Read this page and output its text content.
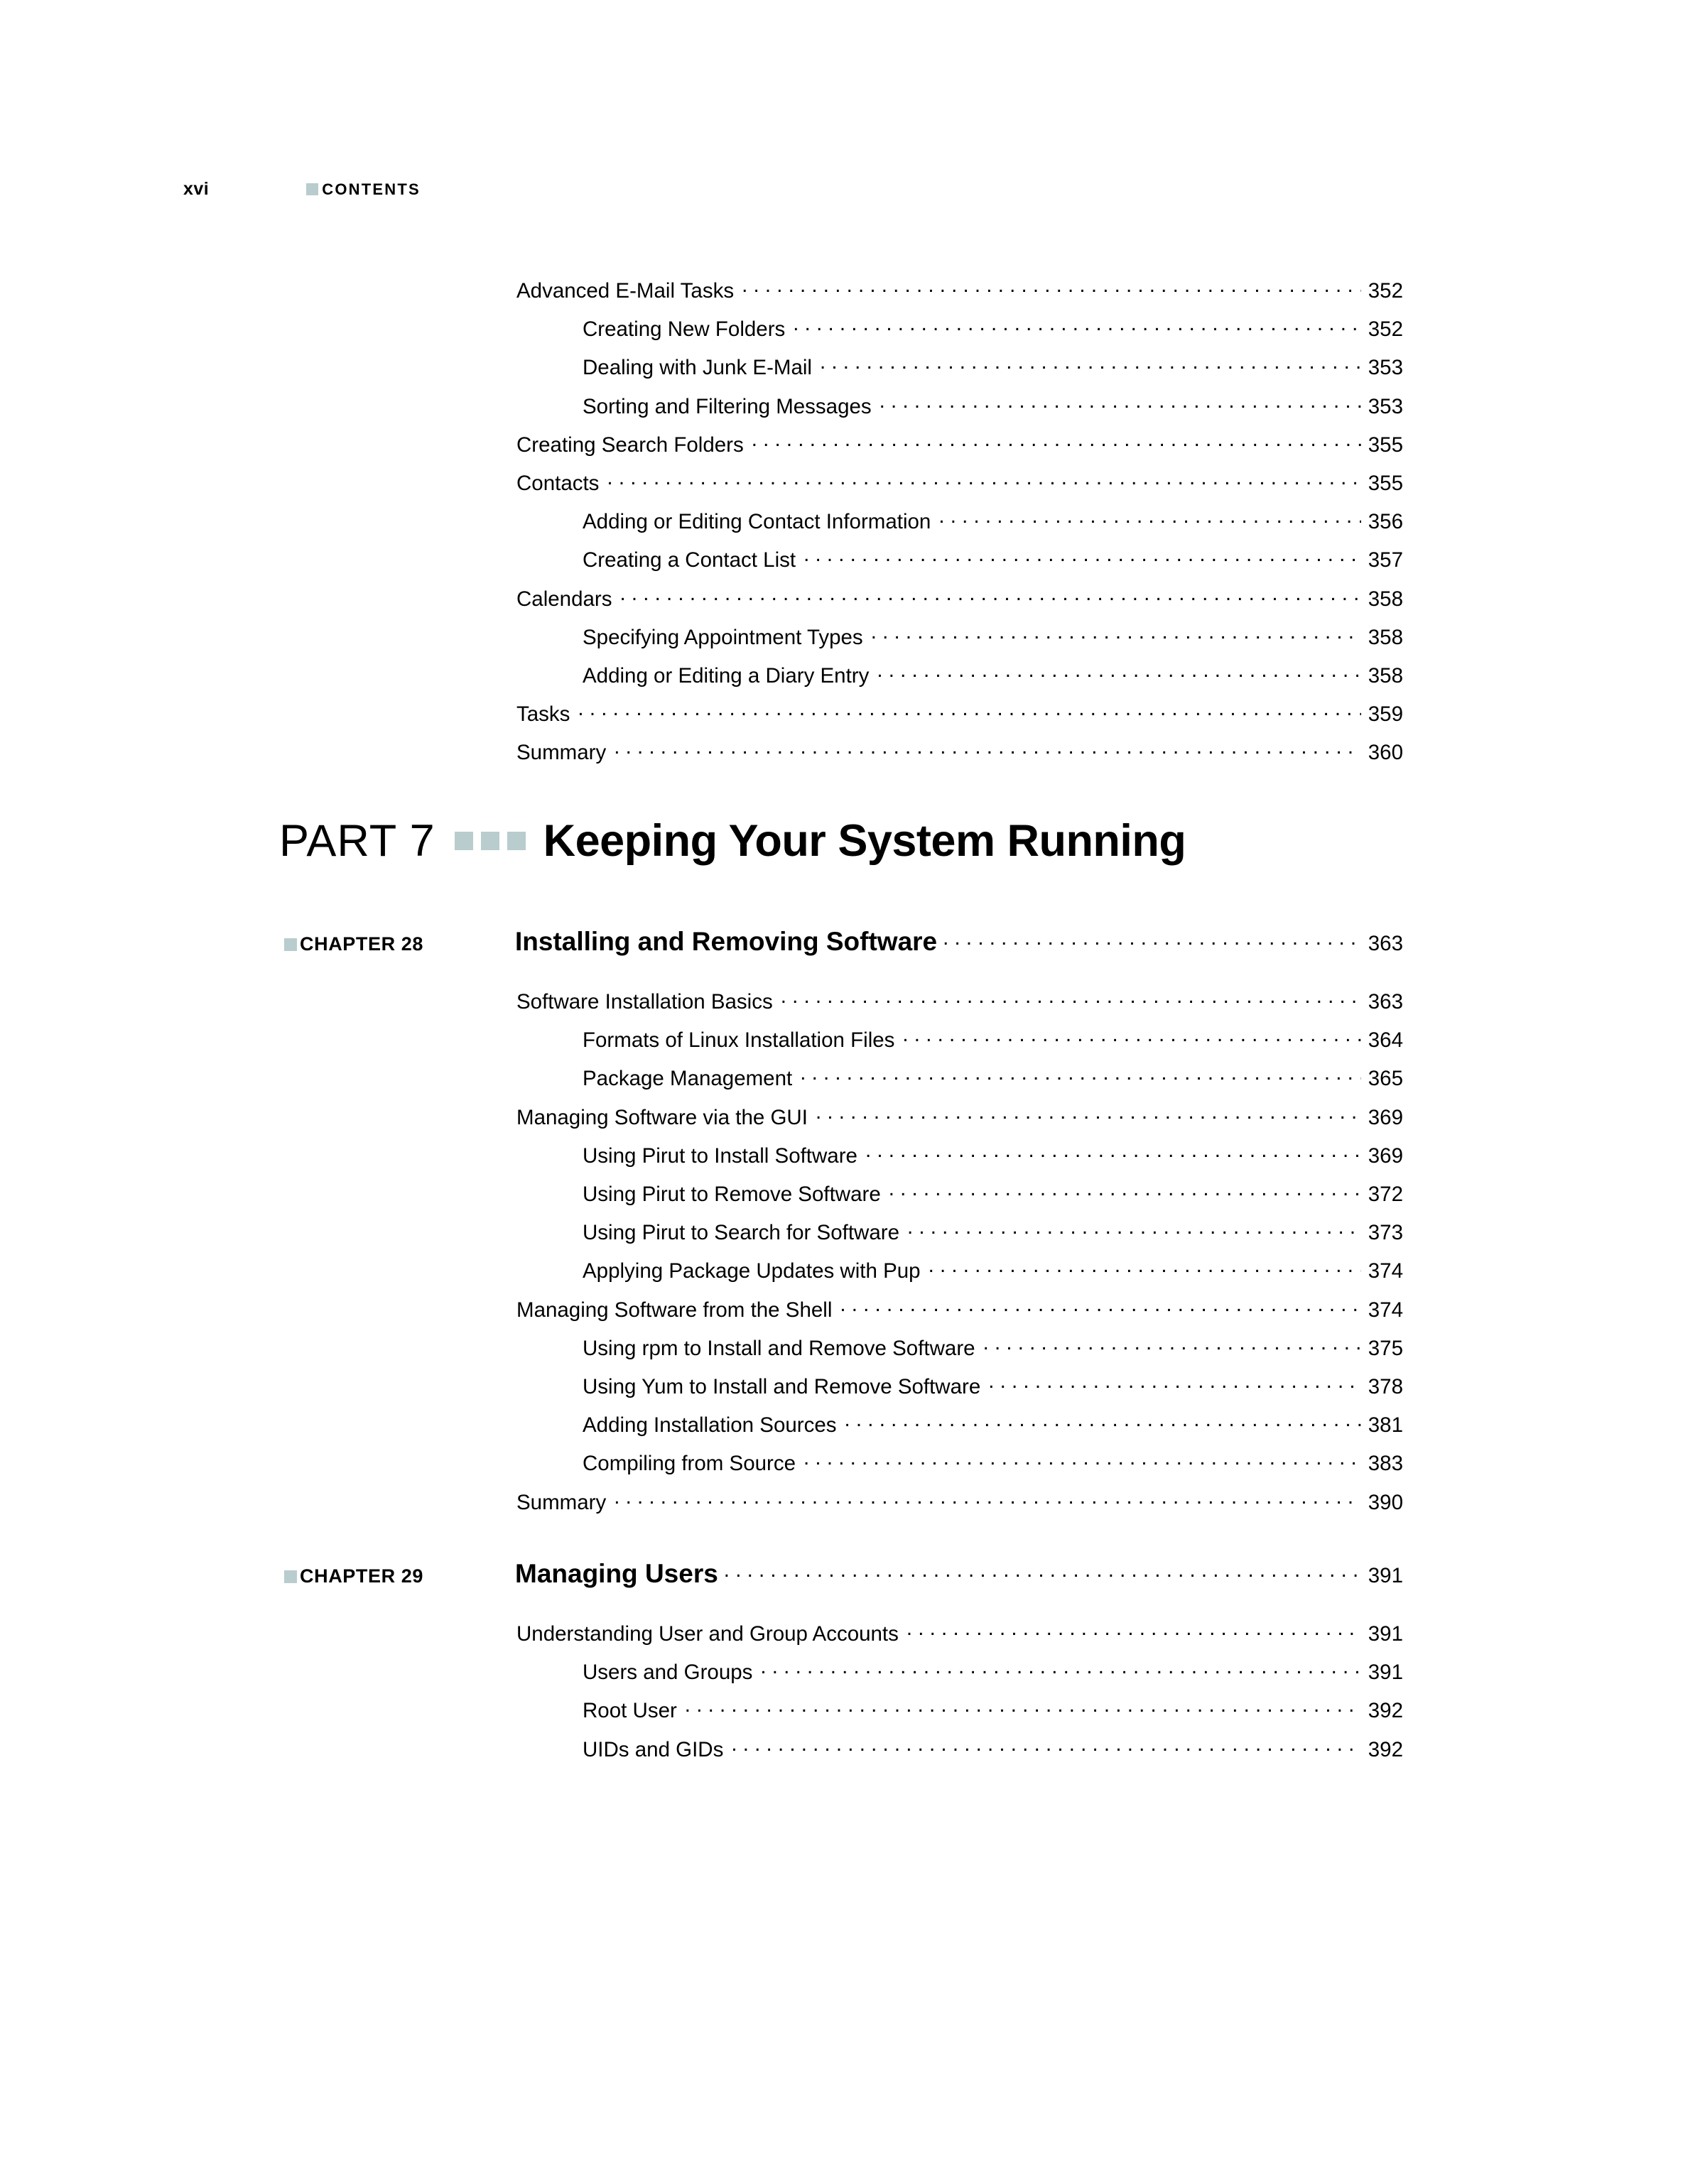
xvi	CONTENTS
Advanced E-Mail Tasks . . .	352
Creating New Folders . . .	352
Dealing with Junk E-Mail . . .	353
Sorting and Filtering Messages . . .	353
Creating Search Folders . . .	355
Contacts . . .	355
Adding or Editing Contact Information . . .	356
Creating a Contact List . . .	357
Calendars . . .	358
Specifying Appointment Types . . .	358
Adding or Editing a Diary Entry . . .	358
Tasks . . .	359
Summary . . .	360
PART 7 Keeping Your System Running
CHAPTER 28	Installing and Removing Software . . .	363
Software Installation Basics . . .	363
Formats of Linux Installation Files . . .	364
Package Management . . .	365
Managing Software via the GUI . . .	369
Using Pirut to Install Software . . .	369
Using Pirut to Remove Software . . .	372
Using Pirut to Search for Software . . .	373
Applying Package Updates with Pup . . .	374
Managing Software from the Shell . . .	374
Using rpm to Install and Remove Software . . .	375
Using Yum to Install and Remove Software . . .	378
Adding Installation Sources . . .	381
Compiling from Source . . .	383
Summary . . .	390
CHAPTER 29	Managing Users . . .	391
Understanding User and Group Accounts . . .	391
Users and Groups . . .	391
Root User . . .	392
UIDs and GIDs . . .	392
